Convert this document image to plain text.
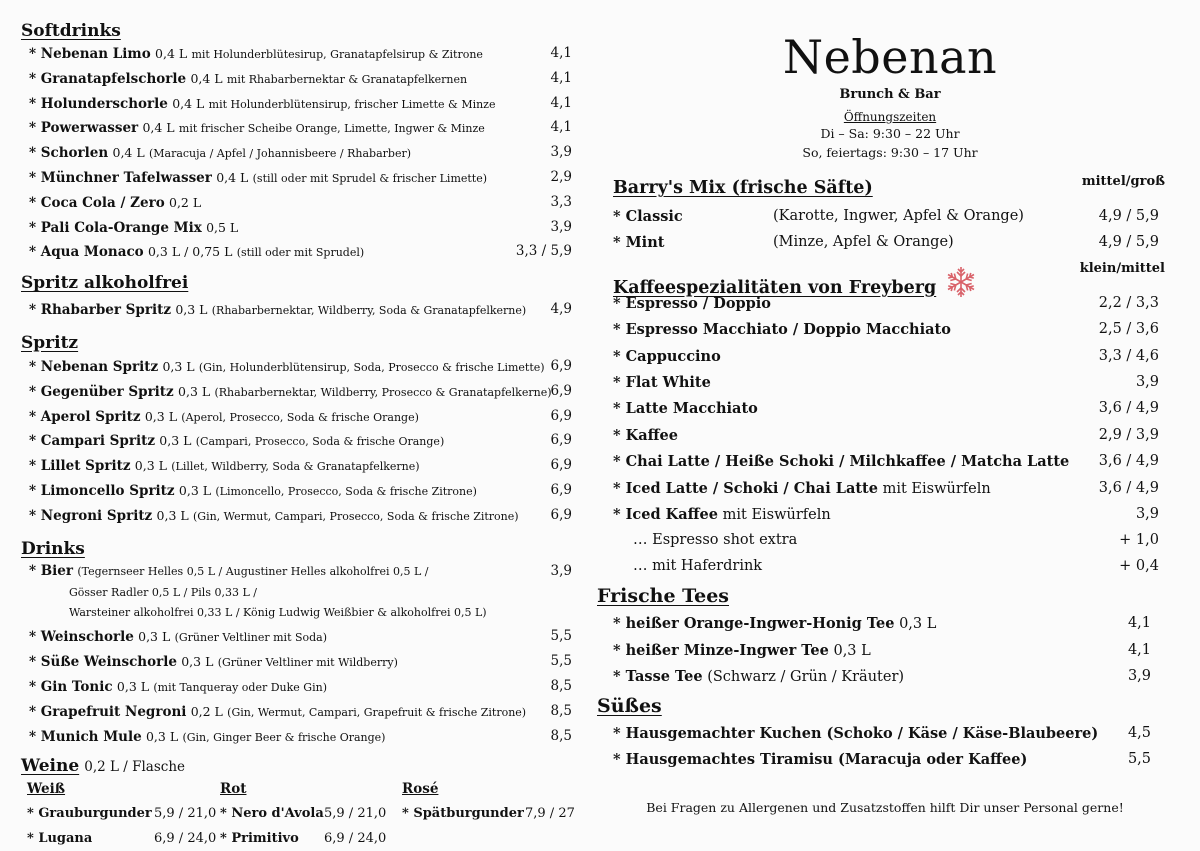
Softdrinks
* Nebenan Limo 0,4 L mit Holunderblütesirup, Granatapfelsirup & Zitrone	4,1
* Granatapfelschorle 0,4 L mit Rhabarbernektar & Granatapfelkernen	4,1
* Holunderschorle 0,4 L mit Holunderblütensirup, frischer Limette & Minze	4,1
* Powerwasser 0,4 L mit frischer Scheibe Orange, Limette, Ingwer & Minze	4,1
* Schorlen 0,4 L (Maracuja / Apfel / Johannisbeere / Rhabarber)	3,9
* Münchner Tafelwasser 0,4 L (still oder mit Sprudel & frischer Limette)	2,9
* Coca Cola / Zero 0,2 L	3,3
* Pali Cola-Orange Mix 0,5 L	3,9
* Aqua Monaco 0,3 L / 0,75 L (still oder mit Sprudel)	3,3 / 5,9
Spritz alkoholfrei
* Rhabarber Spritz 0,3 L (Rhabarbernektar, Wildberry, Soda & Granatapfelkerne) 4,9
Spritz
* Nebenan Spritz 0,3 L (Gin, Holunderblütensirup, Soda, Prosecco & frische Limette) 6,9
* Gegenüber Spritz 0,3 L (Rhabarbernektar, Wildberry, Prosecco & Granatapfelkerne) 6,9
* Aperol Spritz 0,3 L (Aperol, Prosecco, Soda & frische Orange)	6,9
* Campari Spritz 0,3 L (Campari, Prosecco, Soda & frische Orange)	6,9
* Lillet Spritz 0,3 L (Lillet, Wildberry, Soda & Granatapfelkerne)	6,9
* Limoncello Spritz 0,3 L (Limoncello, Prosecco, Soda & frische Zitrone)	6,9
* Negroni Spritz 0,3 L (Gin, Wermut, Campari, Prosecco, Soda & frische Zitrone) 6,9
Drinks
* Bier (Tegernseer Helles 0,5 L / Augustiner Helles alkoholfrei 0,5 L /	3,9
Gösser Radler 0,5 L / Pils 0,33 L /
Warsteiner alkoholfrei 0,33 L / König Ludwig Weißbier & alkoholfrei 0,5 L)
* Weinschorle 0,3 L (Grüner Veltliner mit Soda)	5,5
* Süße Weinschorle 0,3 L (Grüner Veltliner mit Wildberry)	5,5
* Gin Tonic 0,3 L (mit Tanqueray oder Duke Gin)	8,5
* Grapefruit Negroni 0,2 L (Gin, Wermut, Campari, Grapefruit & frische Zitrone) 8,5
* Munich Mule 0,3 L (Gin, Ginger Beer & frische Orange)	8,5
Weine 0,2 L / Flasche
Weiß
* Grauburgunder 5,9 / 21,0
* Lugana	6,9 / 24,0
Rot
* Nero d'Avola 5,9 / 21,0
* Primitivo 6,9 / 24,0
Rosé
* Spätburgunder 7,9 / 27
Nebenan
Brunch & Bar
Öffnungszeiten
Di – Sa: 9:30 – 22 Uhr
So, feiertags: 9:30 – 17 Uhr
Barry's Mix (frische Säfte)	mittel/groß
* Classic	(Karotte, Ingwer, Apfel & Orange)	4,9 / 5,9
* Mint	(Minze, Apfel & Orange)	4,9 / 5,9
Kaffeespezialitäten von Freyberg
klein/mittel
* Espresso / Doppio	2,2 / 3,3
* Espresso Macchiato / Doppio Macchiato	2,5 / 3,6
* Cappuccino	3,3 / 4,6
* Flat White	3,9
* Latte Macchiato	3,6 / 4,9
* Kaffee	2,9 / 3,9
* Chai Latte / Heiße Schoki / Milchkaffee / Matcha Latte 3,6 / 4,9
* Iced Latte / Schoki / Chai Latte mit Eiswürfeln	3,6 / 4,9
* Iced Kaffee mit Eiswürfeln	3,9
… Espresso shot extra	+ 1,0
… mit Haferdrink	+ 0,4
Frische Tees
* heißer Orange-Ingwer-Honig Tee 0,3 L	4,1
* heißer Minze-Ingwer Tee 0,3 L	4,1
* Tasse Tee (Schwarz / Grün / Kräuter)	3,9
Süßes
* Hausgemachter Kuchen (Schoko / Käse / Käse-Blaubeere) 4,5
* Hausgemachtes Tiramisu (Maracuja oder Kaffee)	5,5
Bei Fragen zu Allergenen und Zusatzstoffen hilft Dir unser Personal gerne!
